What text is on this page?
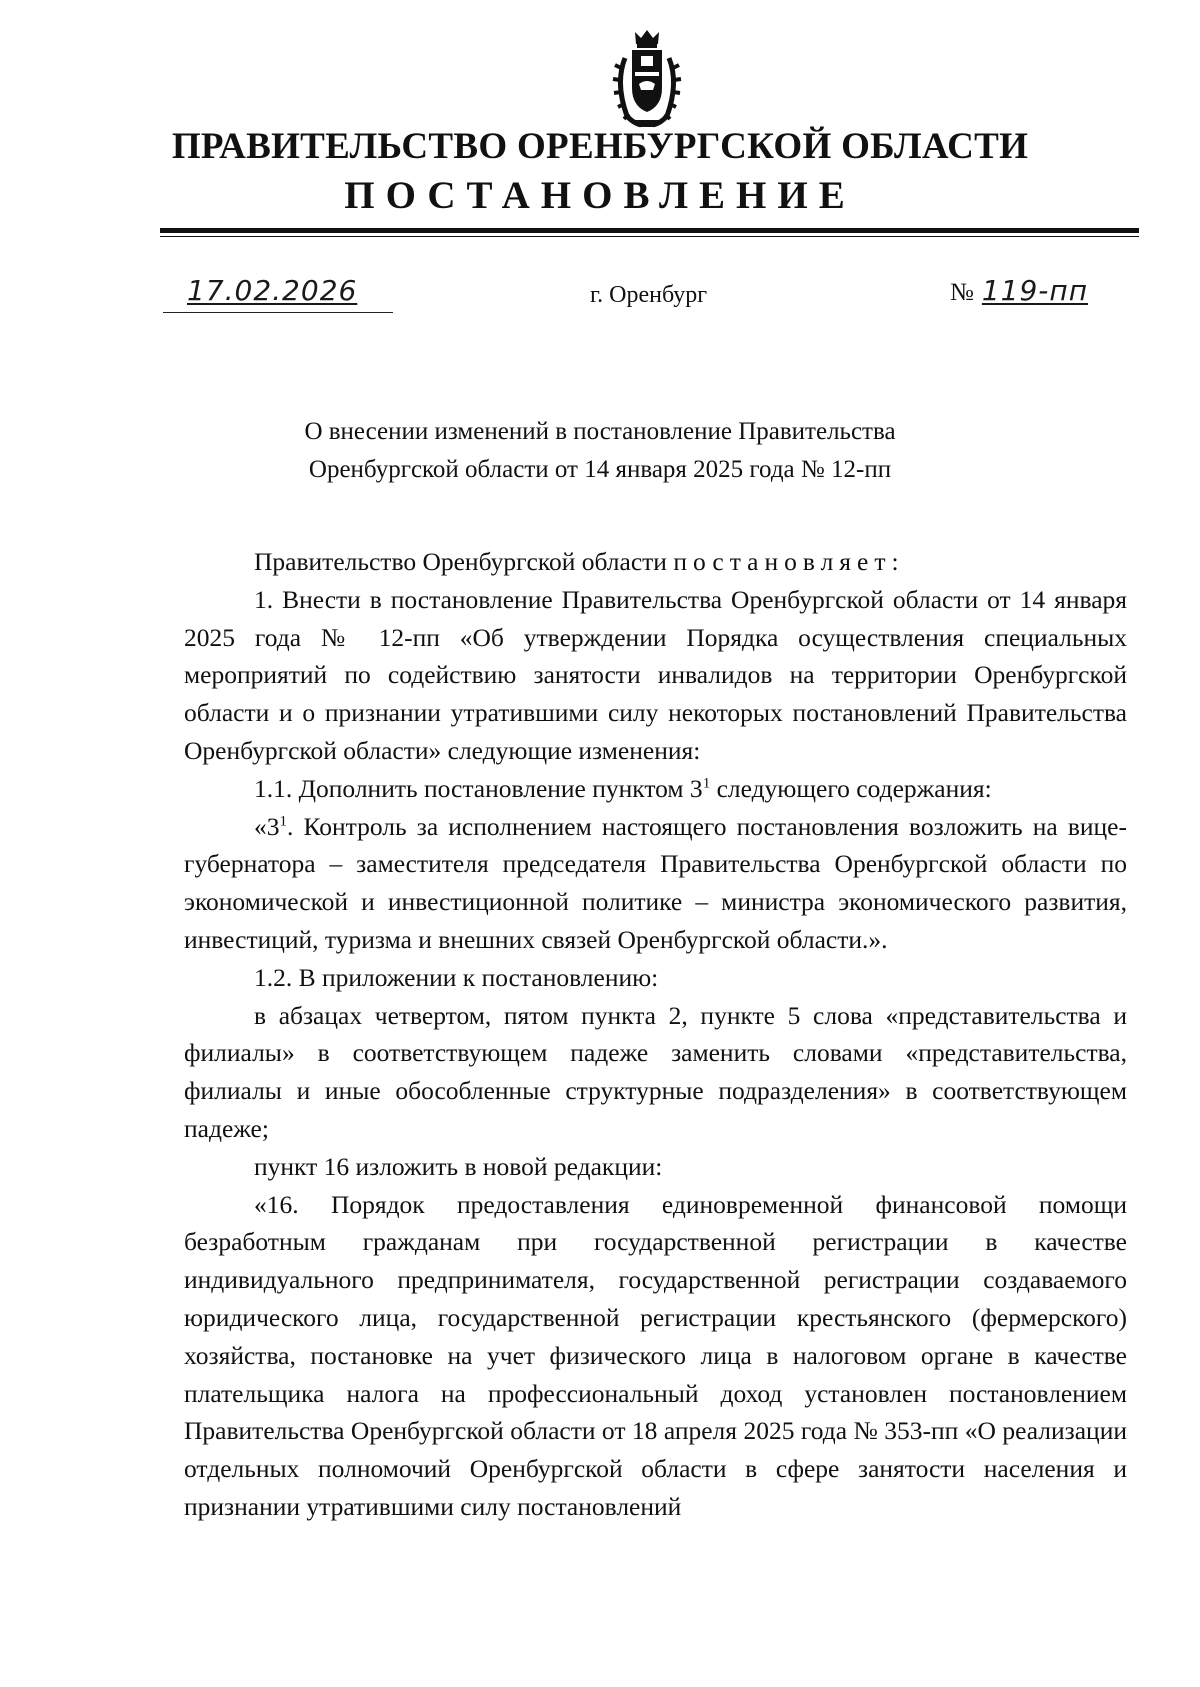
ПРАВИТЕЛЬСТВО ОРЕНБУРГСКОЙ ОБЛАСТИ
ПОСТАНОВЛЕНИЕ
17.02.2026	г. Оренбург	№ 119-пп
О внесении изменений в постановление Правительства
Оренбургской области от 14 января 2025 года № 12-пп

Правительство Оренбургской области постановляет:

1. Внести в постановление Правительства Оренбургской области от 14 января 2025 года № 12-пп «Об утверждении Порядка осуществления специальных мероприятий по содействию занятости инвалидов на территории Оренбургской области и о признании утратившими силу некоторых постановлений Правительства Оренбургской области» следующие изменения:

1.1. Дополнить постановление пунктом $3^1$ следующего содержания:

«$3^1$. Контроль за исполнением настоящего постановления возложить на вице-губернатора – заместителя председателя Правительства Оренбургской области по экономической и инвестиционной политике – министра экономического развития, инвестиций, туризма и внешних связей Оренбургской области.».

1.2. В приложении к постановлению:

в абзацах четвертом, пятом пункта 2, пункте 5 слова «представительства и филиалы» в соответствующем падеже заменить словами «представительства, филиалы и иные обособленные структурные подразделения» в соответствующем падеже;

пункт 16 изложить в новой редакции:

«16. Порядок предоставления единовременной финансовой помощи безработным гражданам при государственной регистрации в качестве индивидуального предпринимателя, государственной регистрации создаваемого юридического лица, государственной регистрации крестьянского (фермерского) хозяйства, постановке на учет физического лица в налоговом органе в качестве плательщика налога на профессиональный доход установлен постановлением Правительства Оренбургской области от 18 апреля 2025 года № 353-пп «О реализации отдельных полномочий Оренбургской области в сфере занятости населения и признании утратившими силу постановлений
